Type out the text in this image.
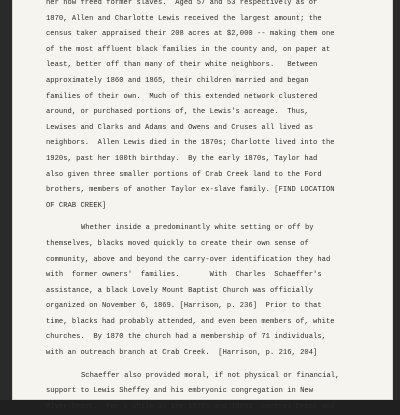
her now freed former slaves.  Aged 57 and 53 respectively as of
1870, Allen and Charlotte Lewis received the largest amount; the
census taker appraised their 208 acres at $2,000 -- making them one
of the most affluent black families in the county and, on paper at
least, better off than many of their white neighbors.   Between
approximately 1860 and 1865, their children married and began
families of their own.  Much of this extended network clustered
around, or purchased portions of, the Lewis's acreage.  Thus,
Lewises and Clarks and Adams and Owens and Cruses all lived as
neighbors.  Allen Lewis died in the 1870s; Charlotte lived into the
1920s, past her 100th birthday.  By the early 1870s, Taylor had
also given three smaller portions of Crab Creek land to the Ford
brothers, members of another Taylor ex-slave family. [FIND LOCATION
OF CRAB CREEK]
Whether inside a predominantly white setting or off by
themselves, blacks moved quickly to create their own sense of
community, above and beyond the carry-over identification they had
with  former owners'  families.       With  Charles  Schaeffer's
assistance, a black Lovely Mount Baptist Church was officially
organized on November 6, 1869. [Harrison, p. 236]  Prior to that
time, blacks had probably attended, and even been members of, white
churches.  By 1870 the church had a membership of 71 individuals,
with an outreach branch at Crab Creek.  [Harrison, p. 216, 204]
Schaeffer also provided moral, if not physical or financial,
support to Lewis Sheffey and his embryonic congregation in New
River Depot.  For a while in the 1870s and 1880s, Central Depot and
